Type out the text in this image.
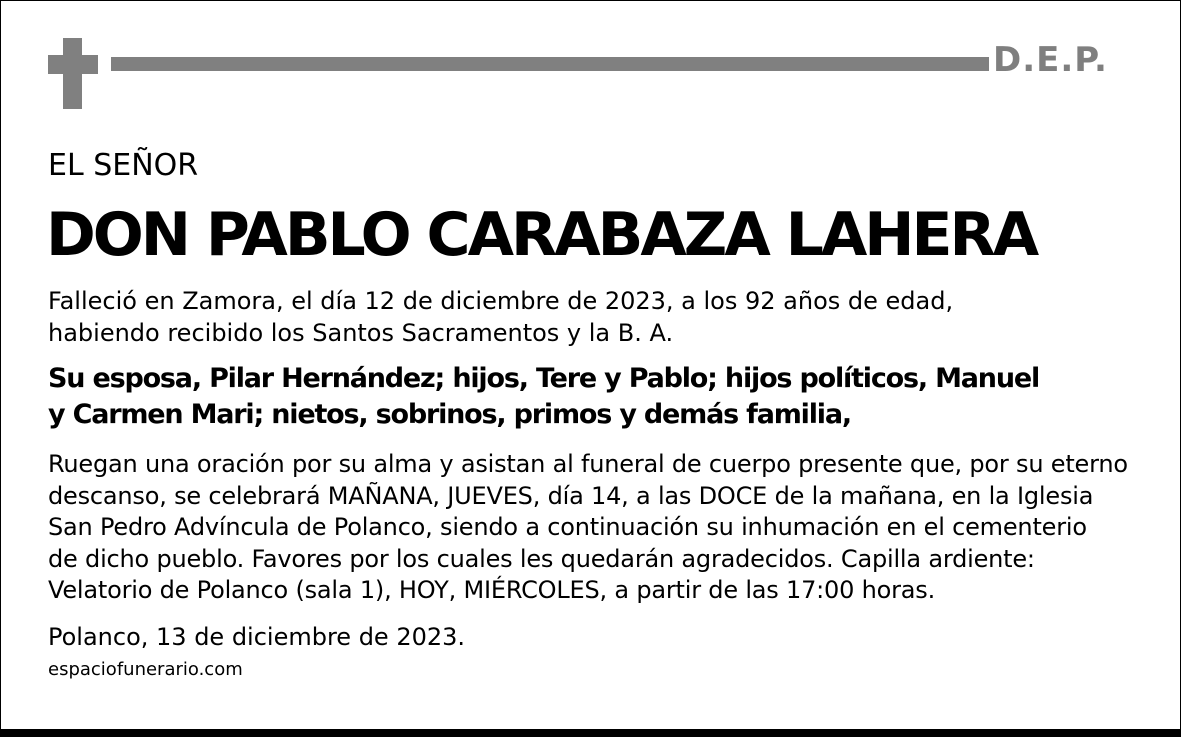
D.E.P.
EL SEÑOR
DON PABLO CARABAZA LAHERA
Falleció en Zamora, el día 12 de diciembre de 2023, a los 92 años de edad,
habiendo recibido los Santos Sacramentos y la B. A.
Su esposa, Pilar Hernández; hijos, Tere y Pablo; hijos políticos, Manuel
y Carmen Mari; nietos, sobrinos, primos y demás familia,
Ruegan una oración por su alma y asistan al funeral de cuerpo presente que, por su eterno
descanso, se celebrará MAÑANA, JUEVES, día 14, a las DOCE de la mañana, en la Iglesia
San Pedro Advíncula de Polanco, siendo a continuación su inhumación en el cementerio
de dicho pueblo. Favores por los cuales les quedarán agradecidos. Capilla ardiente:
Velatorio de Polanco (sala 1), HOY, MIÉRCOLES, a partir de las 17:00 horas.
Polanco, 13 de diciembre de 2023.
espaciofunerario.com
